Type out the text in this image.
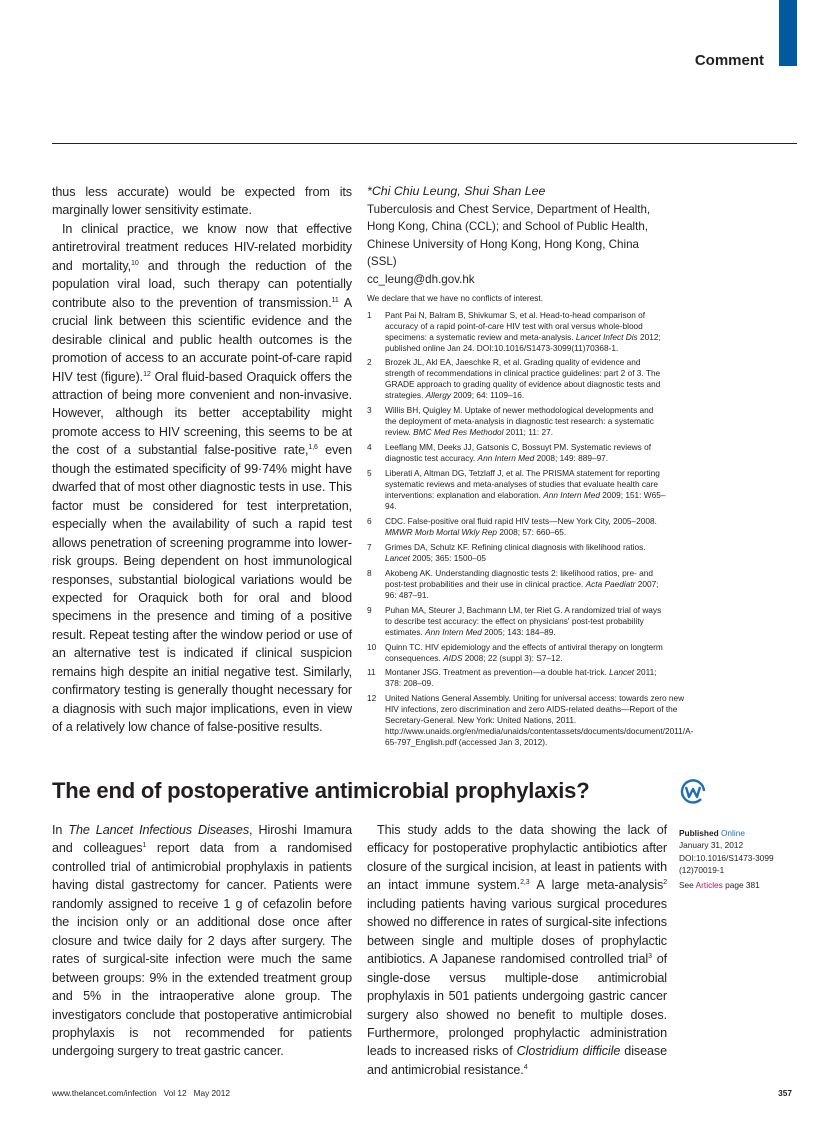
Comment

thus less accurate) would be expected from its marginally lower sensitivity estimate.

In clinical practice, we know now that effective antiretroviral treatment reduces HIV-related morbidity and mortality,$^{10}$ and through the reduction of the population viral load, such therapy can potentially contribute also to the prevention of transmission.$^{11}$ A crucial link between this scientific evidence and the desirable clinical and public health outcomes is the promotion of access to an accurate point-of-care rapid HIV test (figure).$^{12}$ Oral fluid-based Oraquick offers the attraction of being more convenient and non-invasive. However, although its better acceptability might promote access to HIV screening, this seems to be at the cost of a substantial false-positive rate,$^{1,6}$ even though the estimated specificity of 99·74% might have dwarfed that of most other diagnostic tests in use. This factor must be considered for test interpretation, especially when the availability of such a rapid test allows penetration of screening programme into lower-risk groups. Being dependent on host immunological responses, substantial biological variations would be expected for Oraquick both for oral and blood specimens in the presence and timing of a positive result. Repeat testing after the window period or use of an alternative test is indicated if clinical suspicion remains high despite an initial negative test. Similarly, confirmatory testing is generally thought necessary for a diagnosis with such major implications, even in view of a relatively low chance of false-positive results.

*Chi Chiu Leung, Shui Shan Lee
Tuberculosis and Chest Service, Department of Health, Hong Kong, China (CCL); and School of Public Health, Chinese University of Hong Kong, Hong Kong, China (SSL)
cc_leung@dh.gov.hk
We declare that we have no conflicts of interest.
1	Pant Pai N, Balram B, Shivkumar S, et al. Head-to-head comparison of accuracy of a rapid point-of-care HIV test with oral versus whole-blood specimens: a systematic review and meta-analysis. Lancet Infect Dis 2012; published online Jan 24. DOI:10.1016/S1473-3099(11)70368-1.
2	Brozek JL, Akl EA, Jaeschke R, et al. Grading quality of evidence and strength of recommendations in clinical practice guidelines: part 2 of 3. The GRADE approach to grading quality of evidence about diagnostic tests and strategies. Allergy 2009; 64: 1109–16.
3	Willis BH, Quigley M. Uptake of newer methodological developments and the deployment of meta-analysis in diagnostic test research: a systematic review. BMC Med Res Methodol 2011; 11: 27.
4	Leeflang MM, Deeks JJ, Gatsonis C, Bossuyt PM. Systematic reviews of diagnostic test accuracy. Ann Intern Med 2008; 149: 889–97.
5	Liberati A, Altman DG, Tetzlaff J, et al. The PRISMA statement for reporting systematic reviews and meta-analyses of studies that evaluate health care interventions: explanation and elaboration. Ann Intern Med 2009; 151: W65–94.
6	CDC. False-positive oral fluid rapid HIV tests—New York City, 2005–2008. MMWR Morb Mortal Wkly Rep 2008; 57: 660–65.
7	Grimes DA, Schulz KF. Refining clinical diagnosis with likelihood ratios. Lancet 2005; 365: 1500–05
8	Akobeng AK. Understanding diagnostic tests 2: likelihood ratios, pre- and post-test probabilities and their use in clinical practice. Acta Paediatr 2007; 96: 487–91.
9	Puhan MA, Steurer J, Bachmann LM, ter Riet G. A randomized trial of ways to describe test accuracy: the effect on physicians' post-test probability estimates. Ann Intern Med 2005; 143: 184–89.
10	Quinn TC. HIV epidemiology and the effects of antiviral therapy on longterm consequences. AIDS 2008; 22 (suppl 3): S7–12.
11	Montaner JSG. Treatment as prevention—a double hat-trick. Lancet 2011; 378: 208–09.
12	United Nations General Assembly. Uniting for universal access: towards zero new HIV infections, zero discrimination and zero AIDS-related deaths—Report of the Secretary-General. New York: United Nations, 2011. http://www.unaids.org/en/media/unaids/contentassets/documents/document/2011/A-65-797_English.pdf (accessed Jan 3, 2012).
The end of postoperative antimicrobial prophylaxis?

In The Lancet Infectious Diseases, Hiroshi Imamura and colleagues$^1$ report data from a randomised controlled trial of antimicrobial prophylaxis in patients having distal gastrectomy for cancer. Patients were randomly assigned to receive 1 g of cefazolin before the incision only or an additional dose once after closure and twice daily for 2 days after surgery. The rates of surgical-site infection were much the same between groups: 9% in the extended treatment group and 5% in the intraoperative alone group. The investigators conclude that postoperative antimicrobial prophylaxis is not recommended for patients undergoing surgery to treat gastric cancer.

This study adds to the data showing the lack of efficacy for postoperative prophylactic antibiotics after closure of the surgical incision, at least in patients with an intact immune system.$^{2,3}$ A large meta-analysis$^2$ including patients having various surgical procedures showed no difference in rates of surgical-site infections between single and multiple doses of prophylactic antibiotics. A Japanese randomised controlled trial$^3$ of single-dose versus multiple-dose antimicrobial prophylaxis in 501 patients undergoing gastric cancer surgery also showed no benefit to multiple doses. Furthermore, prolonged prophylactic administration leads to increased risks of Clostridium difficile disease and antimicrobial resistance.$^4$

Published Online
January 31, 2012
DOI:10.1016/S1473-3099(12)70019-1
See Articles page 381
www.thelancet.com/infection   Vol 12   May 2012	357
